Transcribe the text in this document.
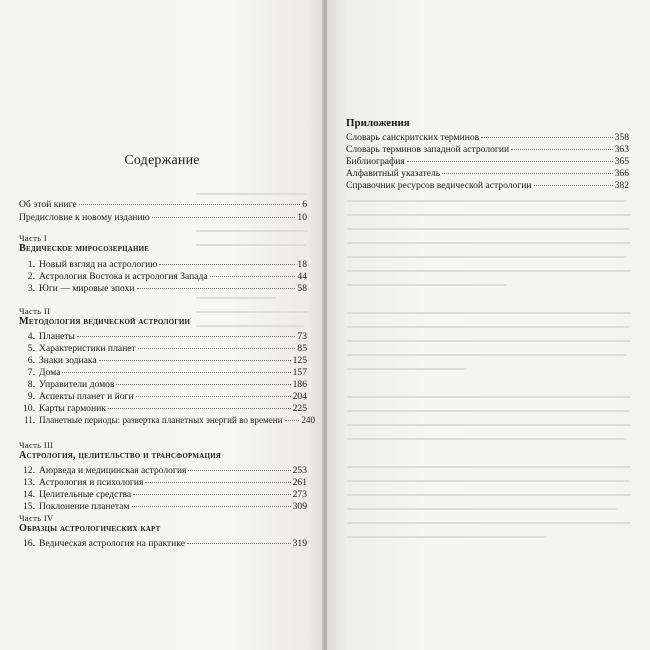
Содержание
Об этой книге	6
Предисловие к новому изданию	10
Часть I
Ведическое миросозерцание
1. Новый взгляд на астрологию	18
2. Астрология Востока и астрология Запада	44
3. Юги — мировые эпохи	58
Часть II
Методология ведической астрологии
4. Планеты	73
5. Характеристики планет	85
6. Знаки зодиака	125
7. Дома	157
8. Управители домов	186
9. Аспекты планет и йоги	204
10. Карты гармоник	225
11. Планетные периоды: развертка планетных энергий во времени 240
Часть III
Астрология, целительство и трансформация
12. Аюрведа и медицинская астрология	253
13. Астрология и психология	261
14. Целительные средства	273
15. Поклонение планетам	309
Часть IV
Образцы астрологических карт
16. Ведическая астрология на практике	319
Приложения
Словарь санскритских терминов	358
Словарь терминов западной астрологии	363
Библиография	365
Алфавитный указатель	366
Справочник ресурсов ведической астрологии	382
